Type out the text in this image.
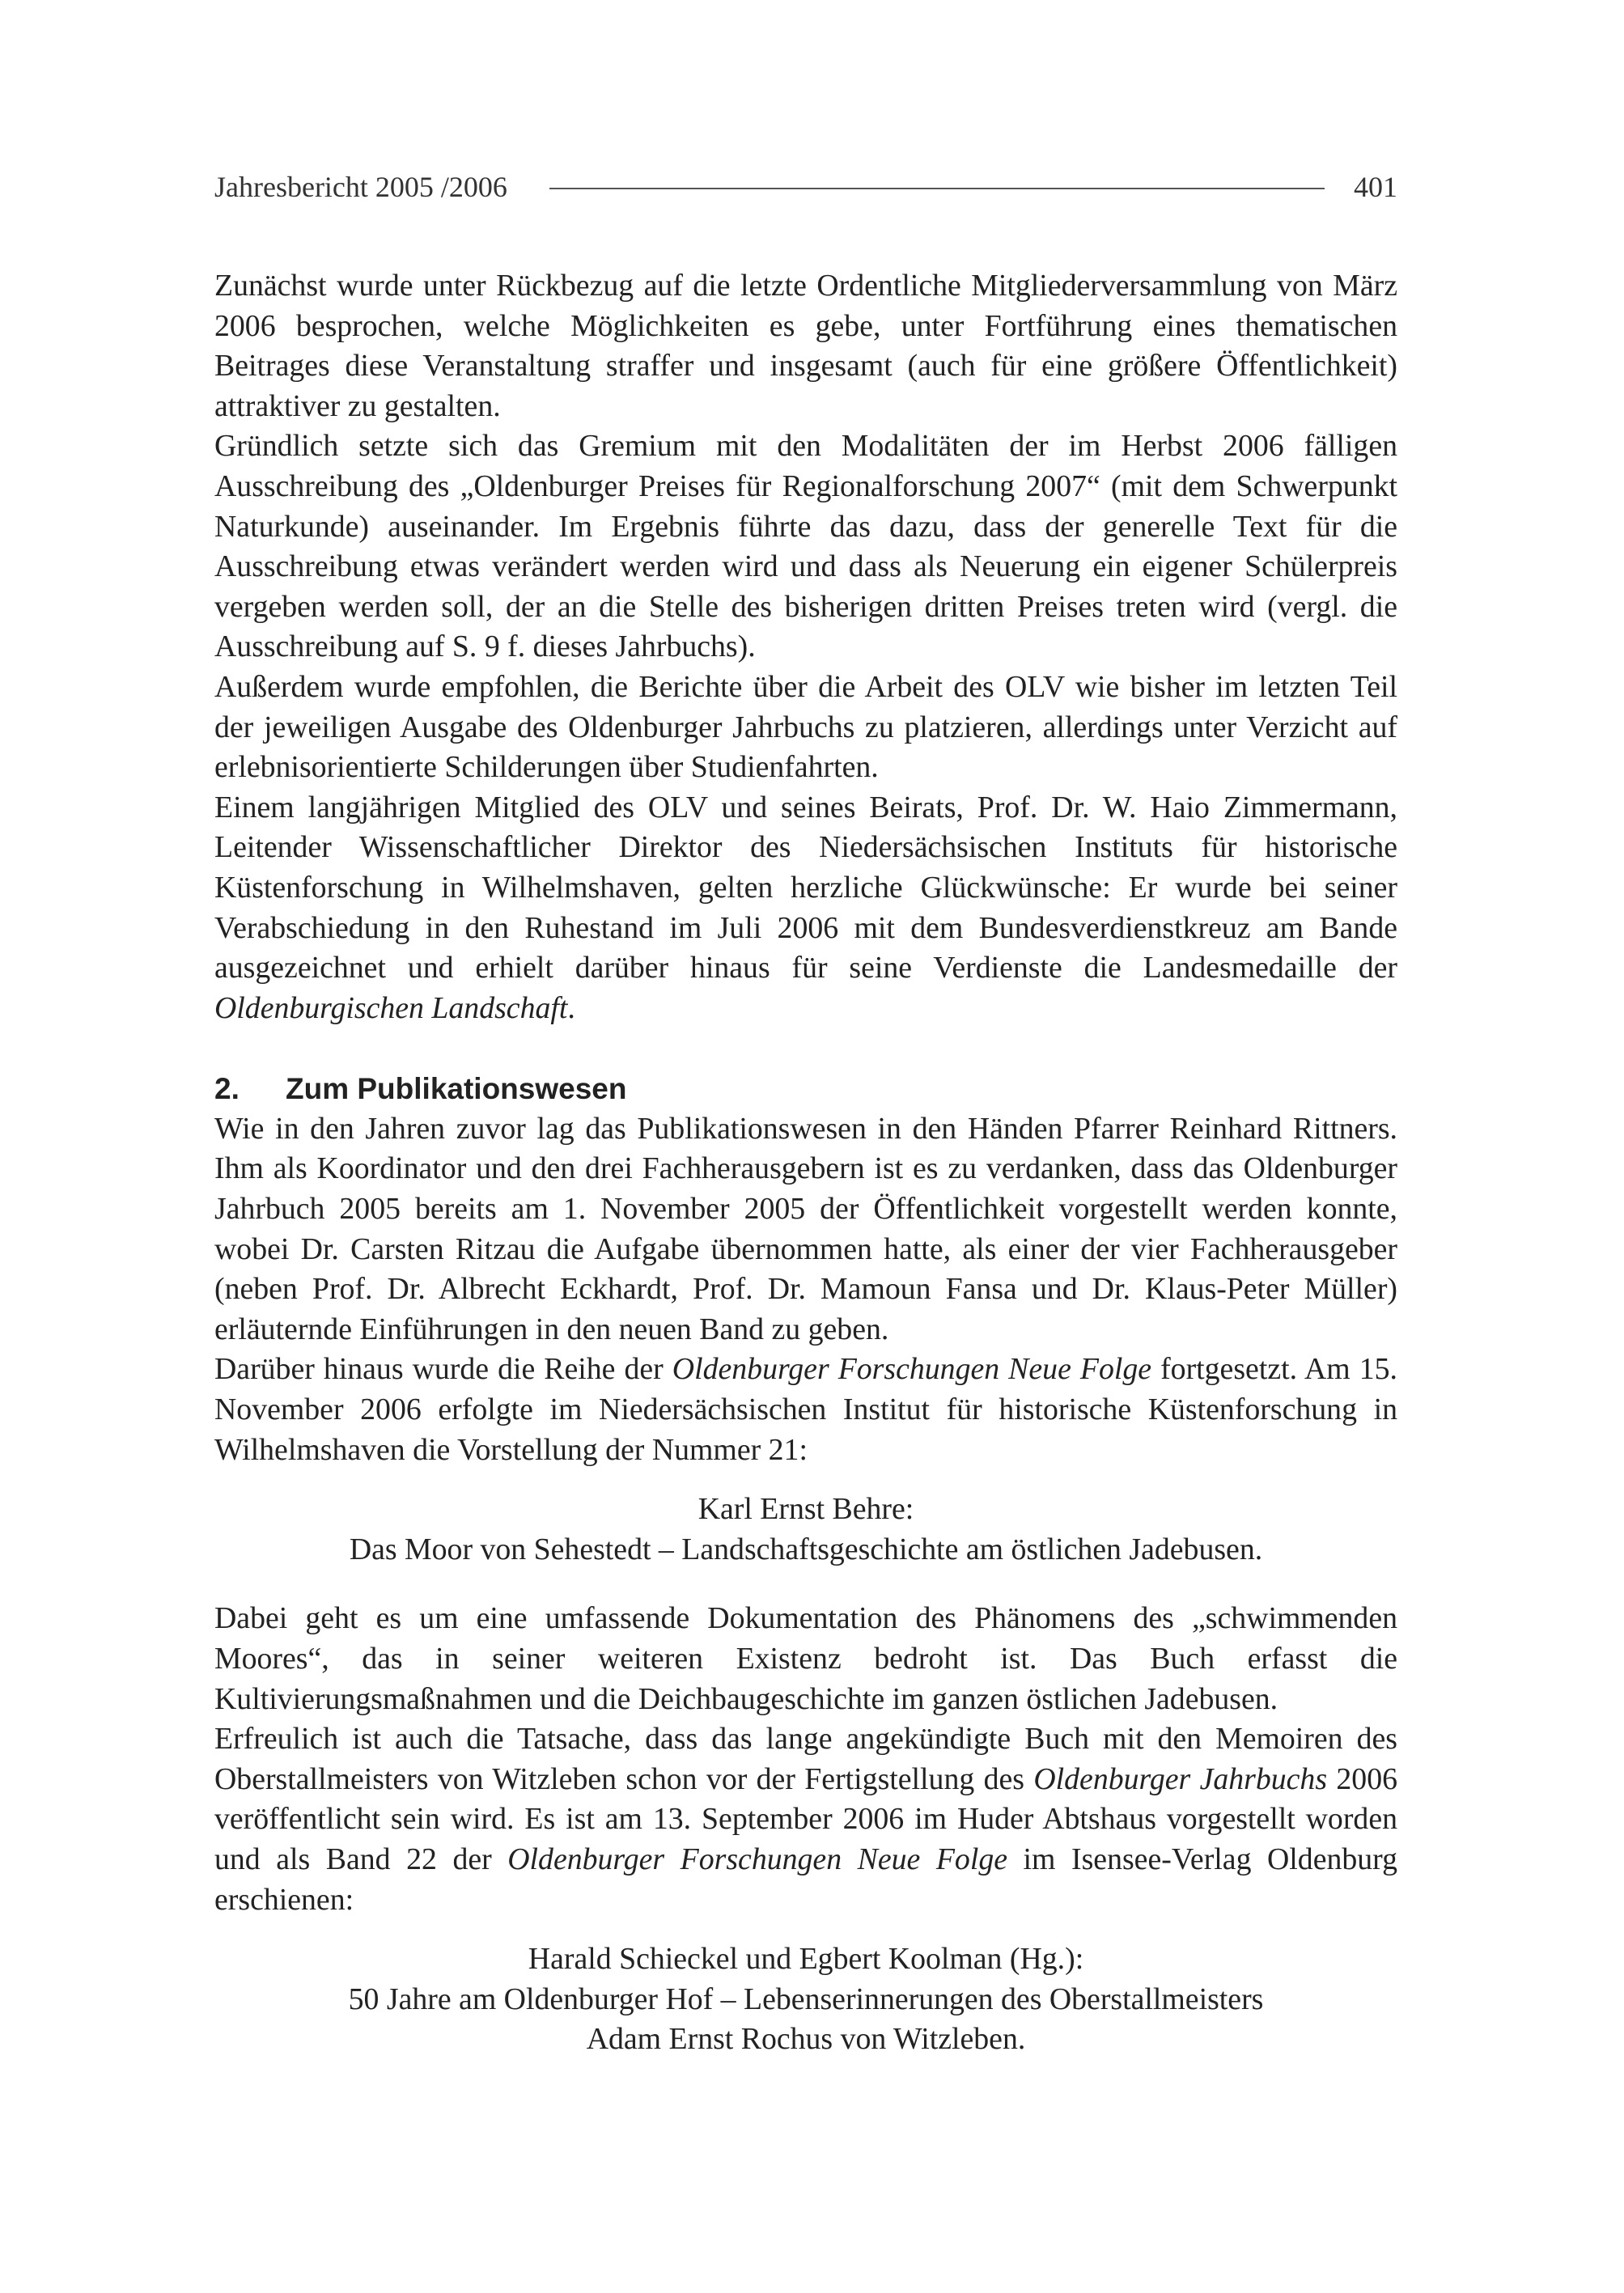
Jahresbericht 2005 /2006	401

Zunächst wurde unter Rückbezug auf die letzte Ordentliche Mitgliederversammlung von März 2006 besprochen, welche Möglichkeiten es gebe, unter Fortführung eines thematischen Beitrages diese Veranstaltung straffer und insgesamt (auch für eine größere Öffentlichkeit) attraktiver zu gestalten.

Gründlich setzte sich das Gremium mit den Modalitäten der im Herbst 2006 fälligen Ausschreibung des „Oldenburger Preises für Regionalforschung 2007“ (mit dem Schwerpunkt Naturkunde) auseinander. Im Ergebnis führte das dazu, dass der generelle Text für die Ausschreibung etwas verändert werden wird und dass als Neuerung ein eigener Schülerpreis vergeben werden soll, der an die Stelle des bisherigen dritten Preises treten wird (vergl. die Ausschreibung auf S. 9 f. dieses Jahrbuchs).

Außerdem wurde empfohlen, die Berichte über die Arbeit des OLV wie bisher im letzten Teil der jeweiligen Ausgabe des Oldenburger Jahrbuchs zu platzieren, allerdings unter Verzicht auf erlebnisorientierte Schilderungen über Studienfahrten.

Einem langjährigen Mitglied des OLV und seines Beirats, Prof. Dr. W. Haio Zimmermann, Leitender Wissenschaftlicher Direktor des Niedersächsischen Instituts für historische Küstenforschung in Wilhelmshaven, gelten herzliche Glückwünsche: Er wurde bei seiner Verabschiedung in den Ruhestand im Juli 2006 mit dem Bundesverdienstkreuz am Bande ausgezeichnet und erhielt darüber hinaus für seine Verdienste die Landesmedaille der Oldenburgischen Landschaft.

2. Zum Publikationswesen

Wie in den Jahren zuvor lag das Publikationswesen in den Händen Pfarrer Reinhard Rittners. Ihm als Koordinator und den drei Fachherausgebern ist es zu verdanken, dass das Oldenburger Jahrbuch 2005 bereits am 1. November 2005 der Öffentlichkeit vorgestellt werden konnte, wobei Dr. Carsten Ritzau die Aufgabe übernommen hatte, als einer der vier Fachherausgeber (neben Prof. Dr. Albrecht Eckhardt, Prof. Dr. Mamoun Fansa und Dr. Klaus-Peter Müller) erläuternde Einführungen in den neuen Band zu geben.

Darüber hinaus wurde die Reihe der Oldenburger Forschungen Neue Folge fortgesetzt. Am 15. November 2006 erfolgte im Niedersächsischen Institut für historische Küstenforschung in Wilhelmshaven die Vorstellung der Nummer 21:

Karl Ernst Behre:
Das Moor von Sehestedt – Landschaftsgeschichte am östlichen Jadebusen.

Dabei geht es um eine umfassende Dokumentation des Phänomens des „schwimmenden Moores“, das in seiner weiteren Existenz bedroht ist. Das Buch erfasst die Kultivierungsmaßnahmen und die Deichbaugeschichte im ganzen östlichen Jadebusen.

Erfreulich ist auch die Tatsache, dass das lange angekündigte Buch mit den Memoiren des Oberstallmeisters von Witzleben schon vor der Fertigstellung des Oldenburger Jahrbuchs 2006 veröffentlicht sein wird. Es ist am 13. September 2006 im Huder Abtshaus vorgestellt worden und als Band 22 der Oldenburger Forschungen Neue Folge im Isensee-Verlag Oldenburg erschienen:

Harald Schieckel und Egbert Koolman (Hg.):
50 Jahre am Oldenburger Hof – Lebenserinnerungen des Oberstallmeisters
Adam Ernst Rochus von Witzleben.
